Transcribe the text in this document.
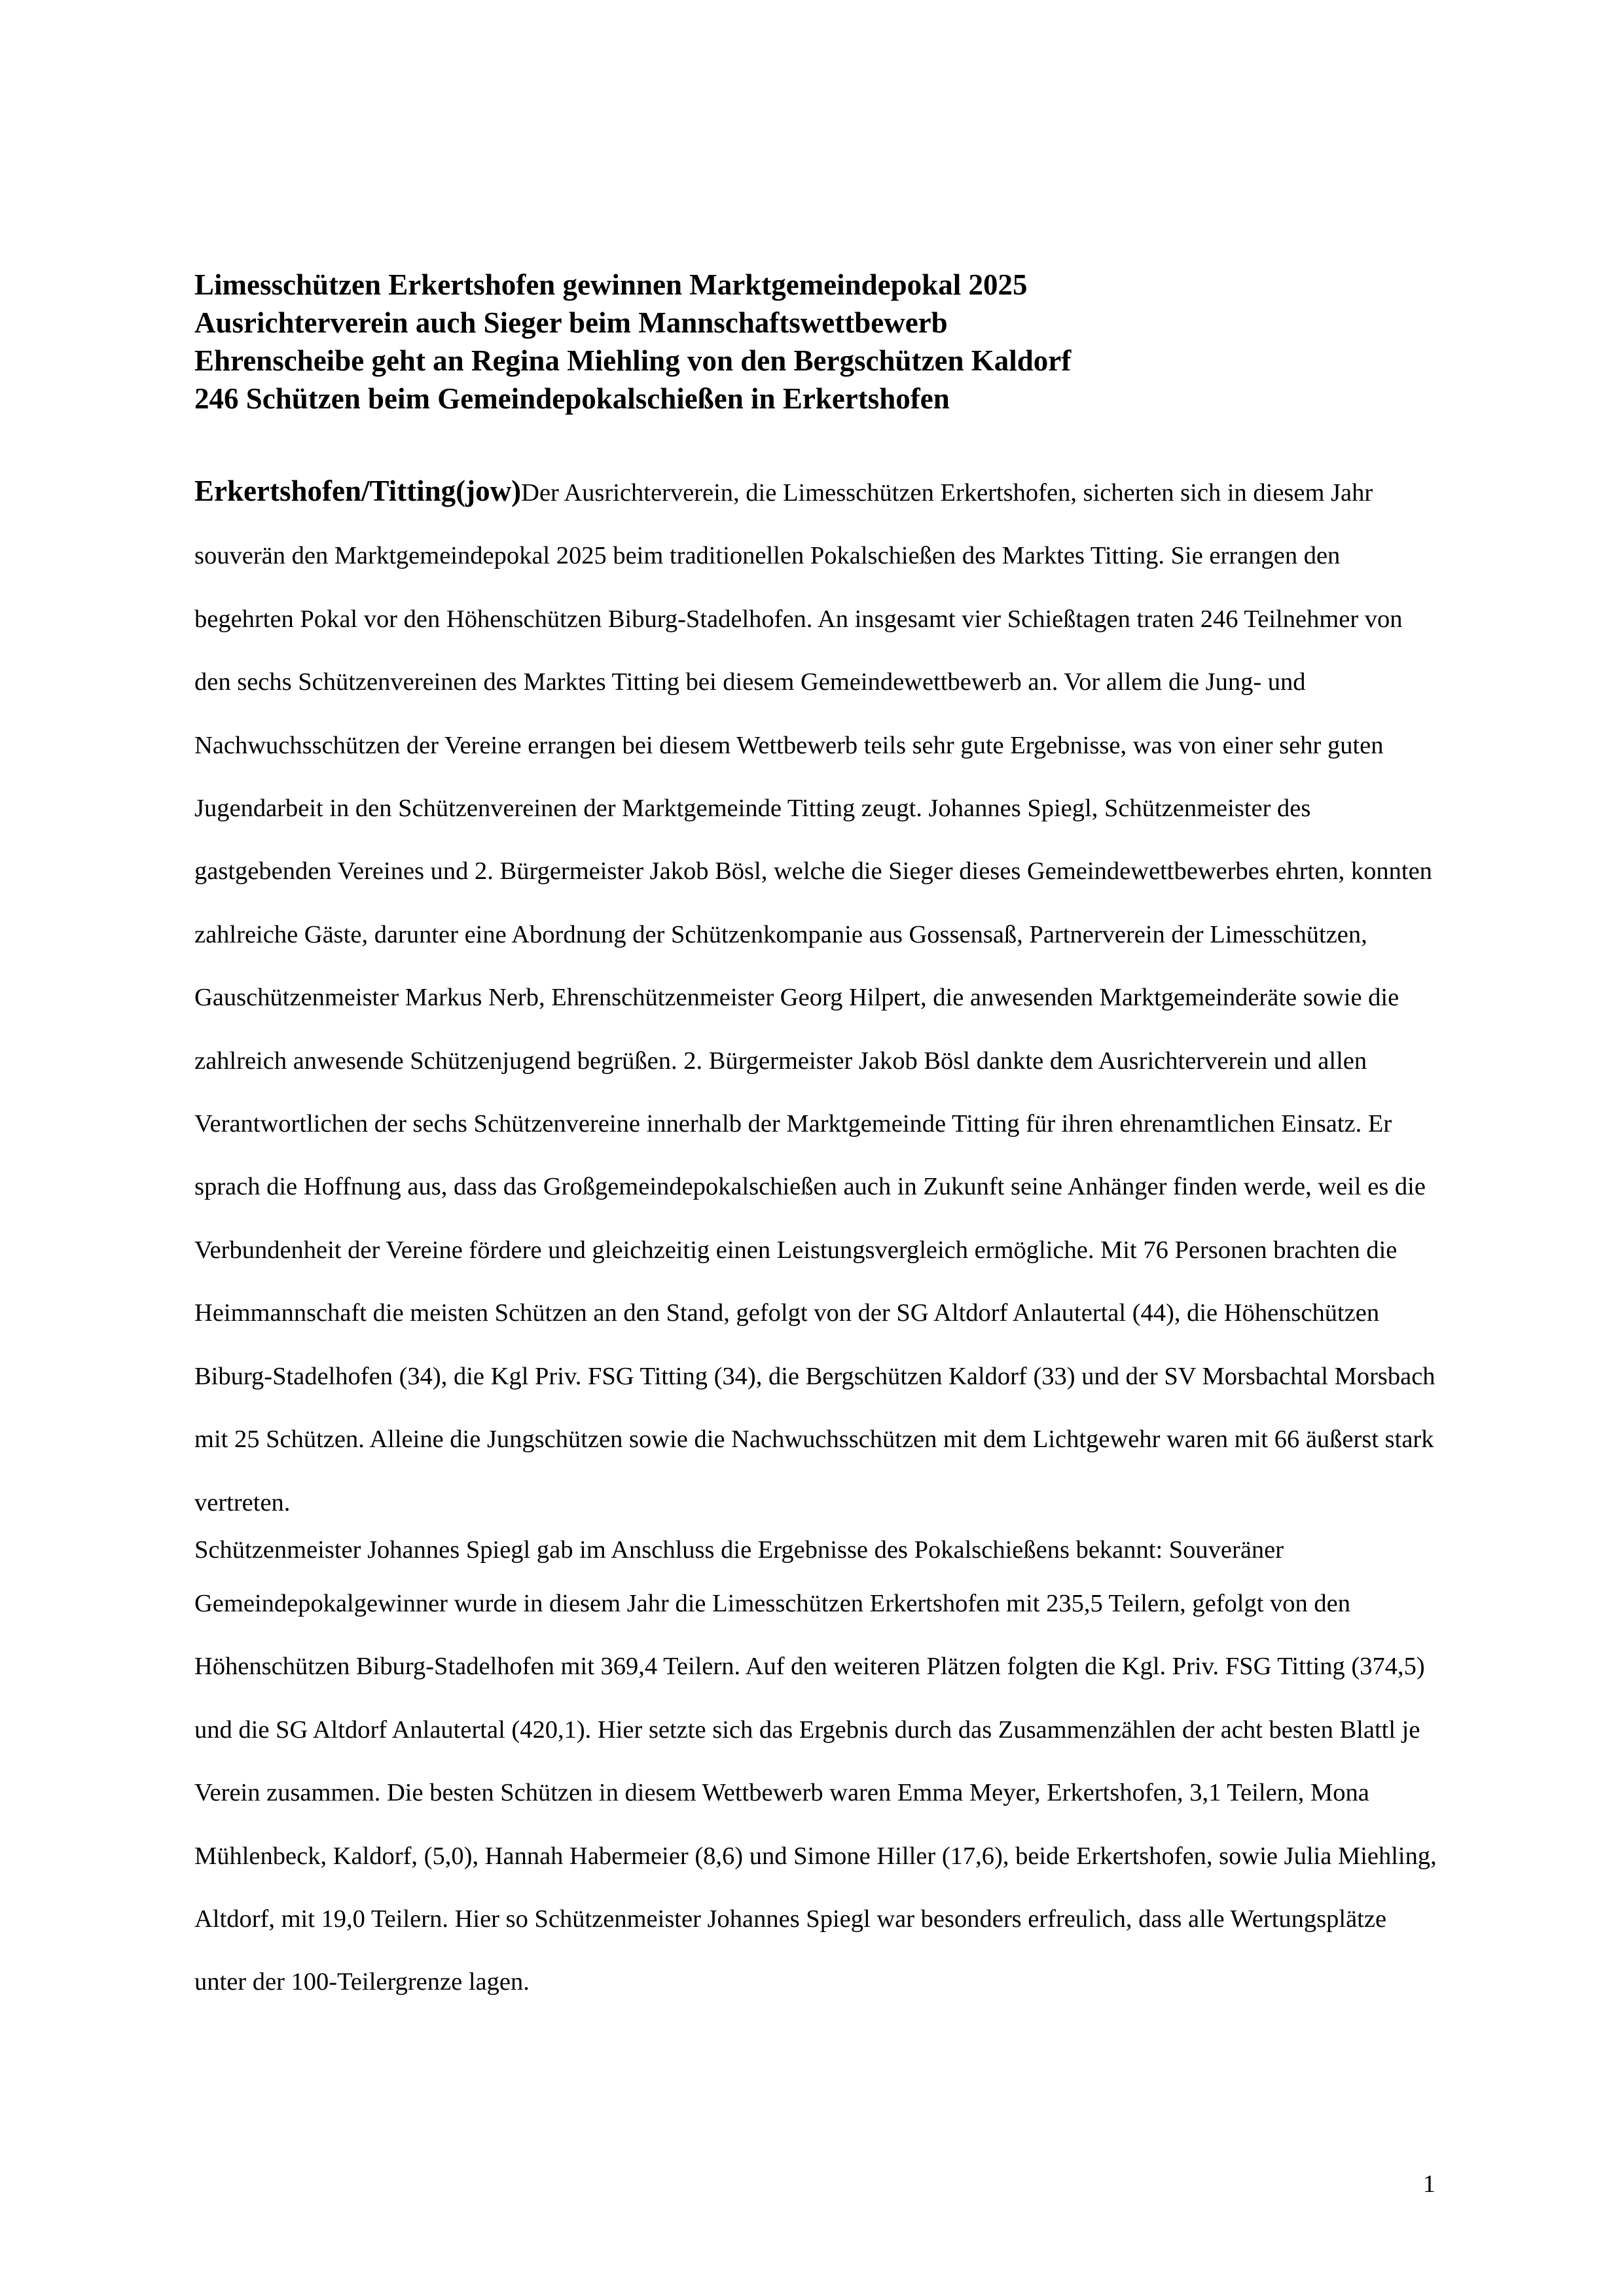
Limesschützen Erkertshofen gewinnen Marktgemeindepokal 2025
Ausrichterverein auch Sieger beim Mannschaftswettbewerb
Ehrenscheibe geht an Regina Miehling von den Bergschützen Kaldorf
246 Schützen beim Gemeindepokalschießen in Erkertshofen
Erkertshofen/Titting(jow)Der Ausrichterverein, die Limesschützen Erkertshofen, sicherten sich in diesem Jahr souverän den Marktgemeindepokal 2025 beim traditionellen Pokalschießen des Marktes Titting. Sie errangen den begehrten Pokal vor den Höhenschützen Biburg-Stadelhofen. An insgesamt vier Schießtagen traten 246 Teilnehmer von den sechs Schützenvereinen des Marktes Titting bei diesem Gemeindewettbewerb an. Vor allem die Jung- und Nachwuchsschützen der Vereine errangen bei diesem Wettbewerb teils sehr gute Ergebnisse, was von einer sehr guten Jugendarbeit in den Schützenvereinen der Marktgemeinde Titting zeugt. Johannes Spiegl, Schützenmeister des gastgebenden Vereines und 2. Bürgermeister Jakob Bösl, welche die Sieger dieses Gemeindewettbewerbes ehrten, konnten zahlreiche Gäste, darunter eine Abordnung der Schützenkompanie aus Gossensaß, Partnerverein der Limesschützen, Gauschützenmeister Markus Nerb, Ehrenschützenmeister Georg Hilpert, die anwesenden Marktgemeinderäte sowie die zahlreich anwesende Schützenjugend begrüßen. 2. Bürgermeister Jakob Bösl dankte dem Ausrichterverein und allen Verantwortlichen der sechs Schützenvereine innerhalb der Marktgemeinde Titting für ihren ehrenamtlichen Einsatz. Er sprach die Hoffnung aus, dass das Großgemeindepokalschießen auch in Zukunft seine Anhänger finden werde, weil es die Verbundenheit der Vereine fördere und gleichzeitig einen Leistungsvergleich ermögliche. Mit 76 Personen brachten die Heimmannschaft die meisten Schützen an den Stand, gefolgt von der SG Altdorf Anlautertal (44), die Höhenschützen Biburg-Stadelhofen (34), die Kgl Priv. FSG Titting (34), die Bergschützen Kaldorf (33) und der SV Morsbachtal Morsbach mit 25 Schützen. Alleine die Jungschützen sowie die Nachwuchsschützen mit dem Lichtgewehr waren mit 66 äußerst stark vertreten.
Schützenmeister Johannes Spiegl gab im Anschluss die Ergebnisse des Pokalschießens bekannt: Souveräner
Gemeindepokalgewinner wurde in diesem Jahr die Limesschützen Erkertshofen mit 235,5 Teilern, gefolgt von den Höhenschützen Biburg-Stadelhofen mit 369,4 Teilern. Auf den weiteren Plätzen folgten die Kgl. Priv. FSG Titting (374,5) und die SG Altdorf Anlautertal (420,1). Hier setzte sich das Ergebnis durch das Zusammenzählen der acht besten Blattl je Verein zusammen. Die besten Schützen in diesem Wettbewerb waren Emma Meyer, Erkertshofen, 3,1 Teilern, Mona Mühlenbeck, Kaldorf, (5,0), Hannah Habermeier (8,6) und Simone Hiller (17,6), beide Erkertshofen, sowie Julia Miehling, Altdorf, mit 19,0 Teilern. Hier so Schützenmeister Johannes Spiegl war besonders erfreulich, dass alle Wertungsplätze unter der 100-Teilergrenze lagen.
1
